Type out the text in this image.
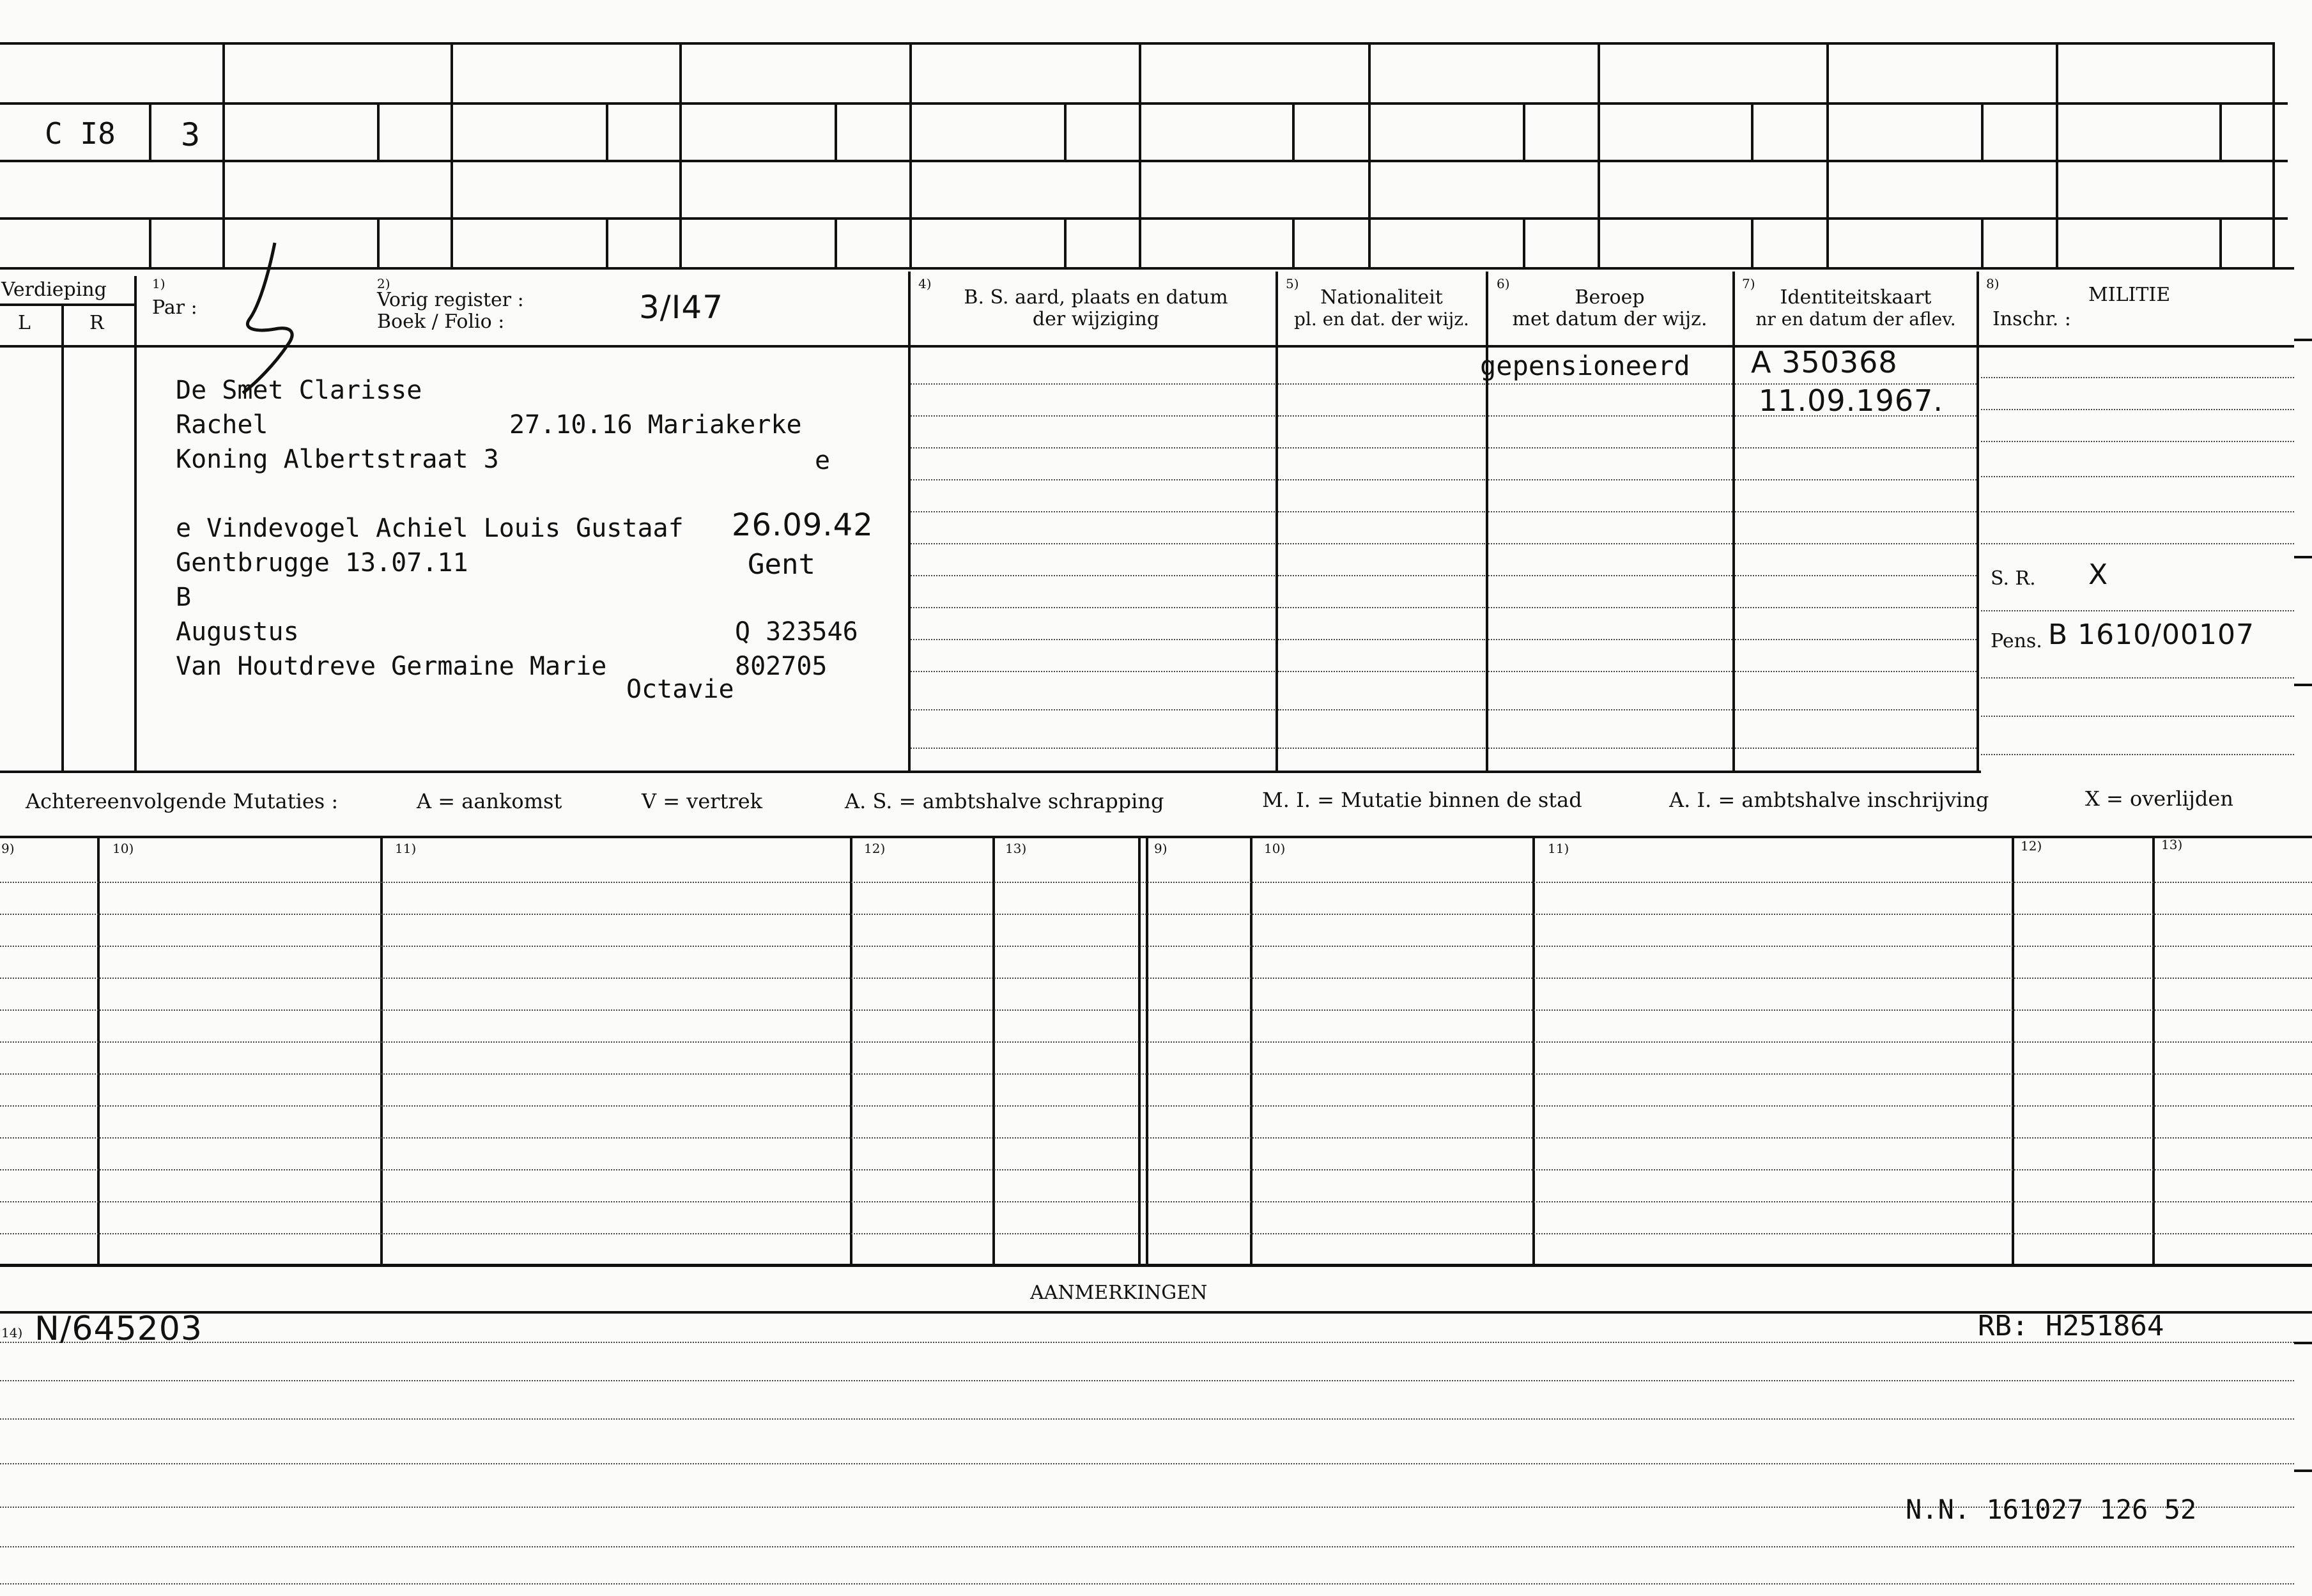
C I8 3
Verdieping
L	R
1)
Par :
2)
Vorig register :
Boek / Folio :	3/I47
4)
B. S. aard, plaats en datum
der wijziging
5)
Nationaliteit
pl. en dat. der wijz.
6)
Beroep
met datum der wijz.
7)
Identiteitskaart
nr en datum der aflev.
8)	MILITIE
Inschr. :
S. R. X
Pens. B 1610/00107
gepensioneerd A 350368
11.09.1967.
De Smet Clarisse
Rachel	27.10.16 Mariakerke
Koning Albertstraat 3	e
e Vindevogel Achiel Louis Gustaaf 26.09.42
Gentbrugge 13.07.11	Gent
B
Augustus	Q 323546
Van Houtdreve Germaine Marie	802705
Octavie
Achtereenvolgende Mutaties :	A = aankomst	V = vertrek	A. S. = ambtshalve schrapping	M. I. = Mutatie binnen de stad	A. I. = ambtshalve inschrijving	X = overlijden
9)	10)	11)	12)	13)	9)	10)	11)	12)	13)
AANMERKINGEN
14) N/645203	RB: H251864
N.N. 161027 126 52
